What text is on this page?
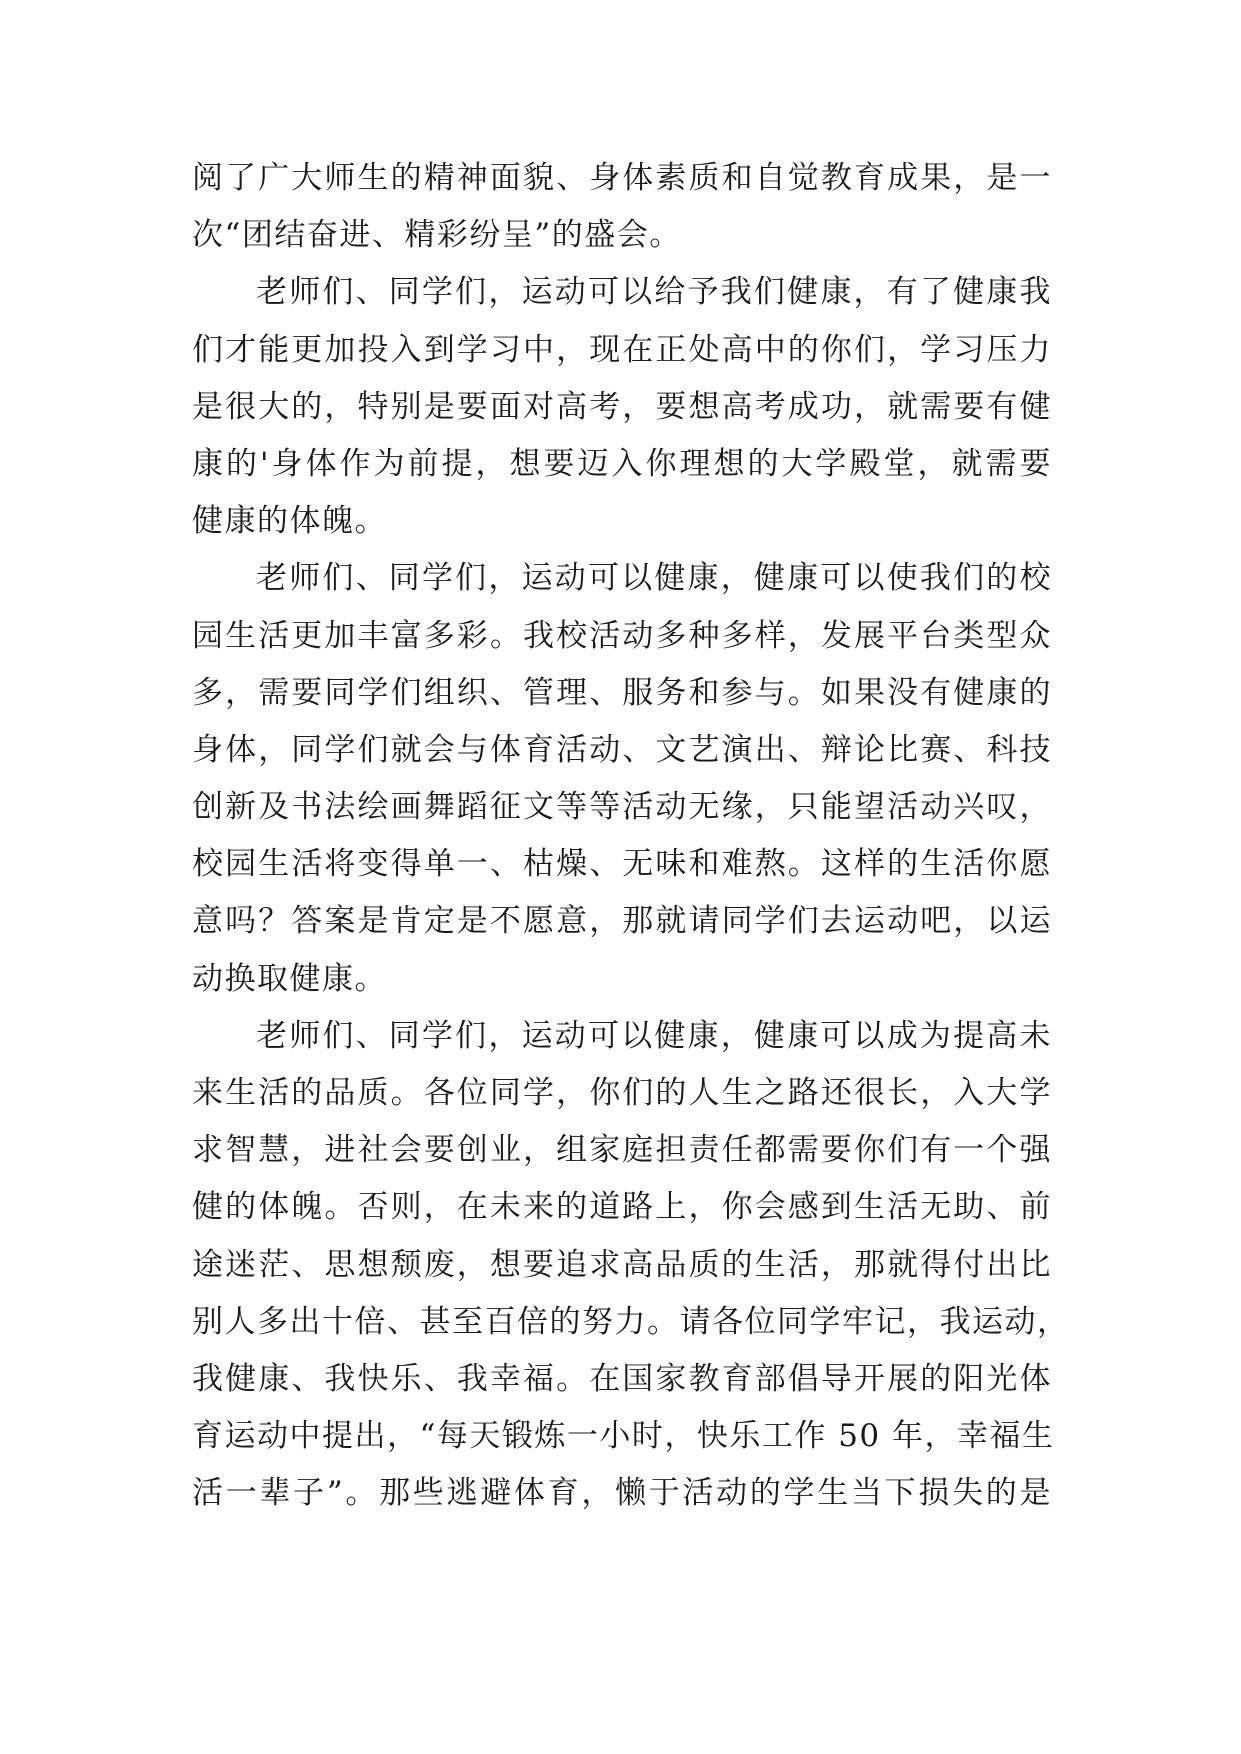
阅了广大师生的精神面貌、身体素质和自觉教育成果，是一
次“团结奋进、精彩纷呈”的盛会。
老师们、同学们，运动可以给予我们健康，有了健康我
们才能更加投入到学习中，现在正处高中的你们，学习压力
是很大的，特别是要面对高考，要想高考成功，就需要有健
康的'身体作为前提，想要迈入你理想的大学殿堂，就需要
健康的体魄。
老师们、同学们，运动可以健康，健康可以使我们的校
园生活更加丰富多彩。我校活动多种多样，发展平台类型众
多，需要同学们组织、管理、服务和参与。如果没有健康的
身体，同学们就会与体育活动、文艺演出、辩论比赛、科技
创新及书法绘画舞蹈征文等等活动无缘，只能望活动兴叹，
校园生活将变得单一、枯燥、无味和难熬。这样的生活你愿
意吗？答案是肯定是不愿意，那就请同学们去运动吧，以运
动换取健康。
老师们、同学们，运动可以健康，健康可以成为提高未
来生活的品质。各位同学，你们的人生之路还很长，入大学
求智慧，进社会要创业，组家庭担责任都需要你们有一个强
健的体魄。否则，在未来的道路上，你会感到生活无助、前
途迷茫、思想颓废，想要追求高品质的生活，那就得付出比
别人多出十倍、甚至百倍的努力。请各位同学牢记，我运动，
我健康、我快乐、我幸福。在国家教育部倡导开展的阳光体
育运动中提出，“每天锻炼一小时，快乐工作 50 年，幸福生
活一辈子”。那些逃避体育，懒于活动的学生当下损失的是
